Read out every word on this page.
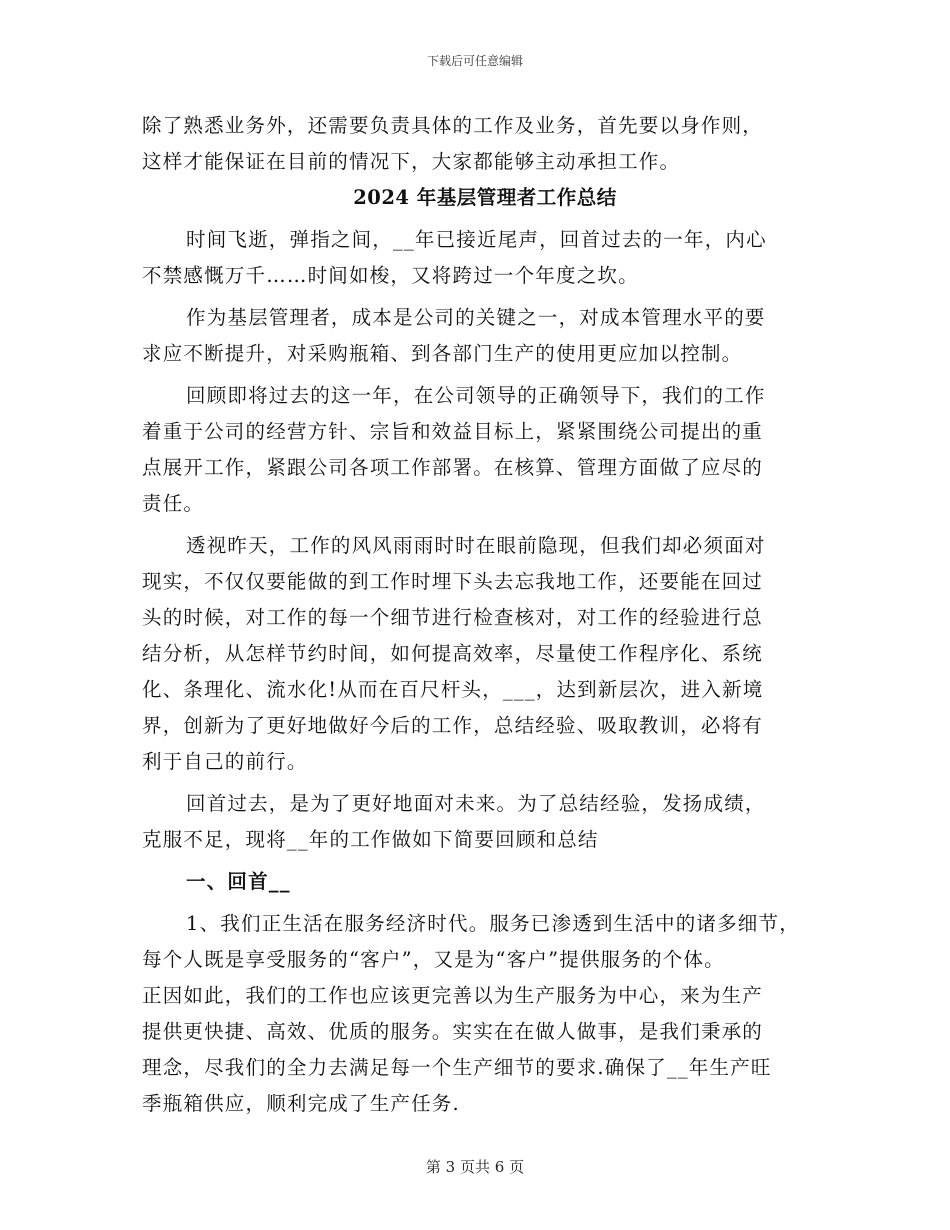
下载后可任意编辑
除了熟悉业务外，还需要负责具体的工作及业务，首先要以身作则，
这样才能保证在目前的情况下，大家都能够主动承担工作。
2024 年基层管理者工作总结
时间飞逝，弹指之间，__年已接近尾声，回首过去的一年，内心
不禁感慨万千……时间如梭，又将跨过一个年度之坎。
作为基层管理者，成本是公司的关键之一，对成本管理水平的要
求应不断提升，对采购瓶箱、到各部门生产的使用更应加以控制。
回顾即将过去的这一年，在公司领导的正确领导下，我们的工作
着重于公司的经营方针、宗旨和效益目标上，紧紧围绕公司提出的重
点展开工作，紧跟公司各项工作部署。在核算、管理方面做了应尽的
责任。
透视昨天，工作的风风雨雨时时在眼前隐现，但我们却必须面对
现实，不仅仅要能做的到工作时埋下头去忘我地工作，还要能在回过
头的时候，对工作的每一个细节进行检查核对，对工作的经验进行总
结分析，从怎样节约时间，如何提高效率，尽量使工作程序化、系统
化、条理化、流水化!从而在百尺杆头，___，达到新层次，进入新境
界，创新为了更好地做好今后的工作，总结经验、吸取教训，必将有
利于自己的前行。
回首过去，是为了更好地面对未来。为了总结经验，发扬成绩，
克服不足，现将__年的工作做如下简要回顾和总结
一、回首__
1、我们正生活在服务经济时代。服务已渗透到生活中的诸多细节，
每个人既是享受服务的“客户”，又是为“客户”提供服务的个体。
正因如此，我们的工作也应该更完善以为生产服务为中心，来为生产
提供更快捷、高效、优质的服务。实实在在做人做事，是我们秉承的
理念，尽我们的全力去满足每一个生产细节的要求.确保了__年生产旺
季瓶箱供应，顺利完成了生产任务.
第 3 页共 6 页
